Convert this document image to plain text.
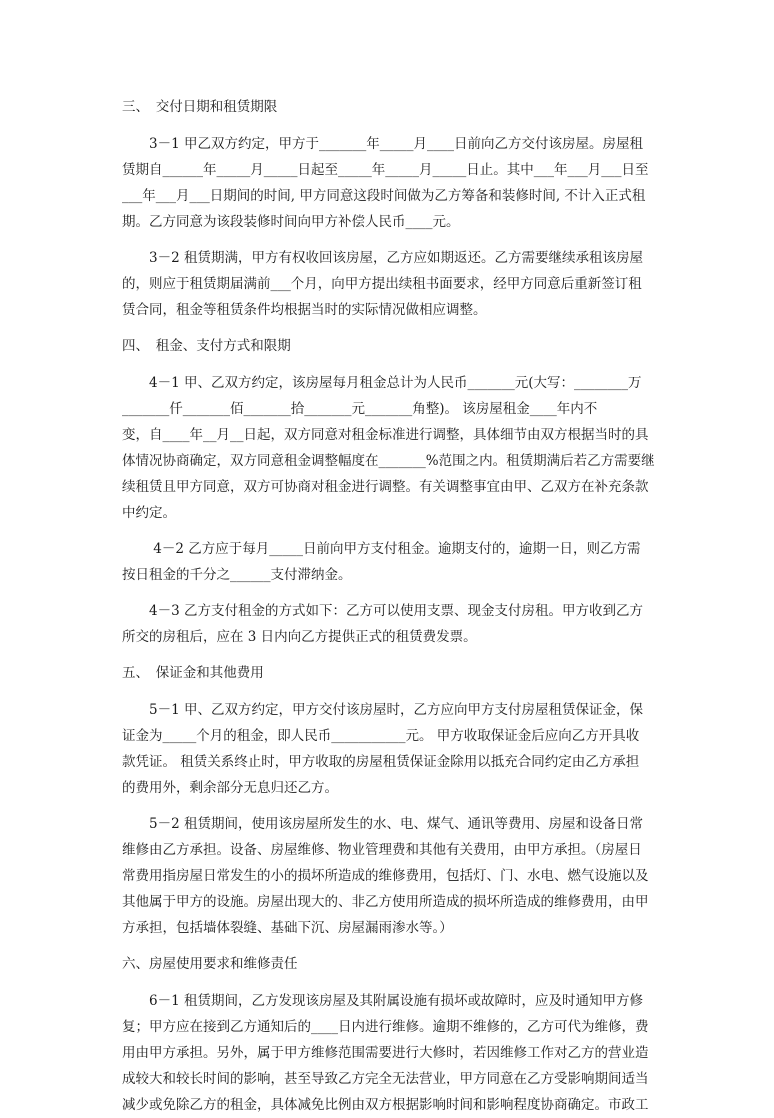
三、　交付日期和租赁期限
　　3－1 甲乙双方约定，甲方于_______年_____月____日前向乙方交付该房屋。房屋租
赁期自______年_____月_____日起至_____年_____月_____日止。其中___年___月___日至
___年___月___日期间的时间, 甲方同意这段时间做为乙方筹备和装修时间, 不计入正式租
期。乙方同意为该段装修时间向甲方补偿人民币____元。
　　3－2 租赁期满，甲方有权收回该房屋，乙方应如期返还。乙方需要继续承租该房屋
的，则应于租赁期届满前___个月，向甲方提出续租书面要求，经甲方同意后重新签订租
赁合同，租金等租赁条件均根据当时的实际情况做相应调整。
四、　租金、支付方式和限期
　　4－1 甲、乙双方约定，该房屋每月租金总计为人民币_______元(大写：________万
_______仟_______佰_______拾_______元_______角整)。 该房屋租金____年内不
变，自____年__月__日起，双方同意对租金标准进行调整，具体细节由双方根据当时的具
体情况协商确定，双方同意租金调整幅度在_______%范围之内。租赁期满后若乙方需要继
续租赁且甲方同意，双方可协商对租金进行调整。有关调整事宜由甲、乙双方在补充条款
中约定。
　　 4－2 乙方应于每月_____日前向甲方支付租金。逾期支付的，逾期一日，则乙方需
按日租金的千分之______支付滞纳金。
　　4－3 乙方支付租金的方式如下：乙方可以使用支票、现金支付房租。甲方收到乙方
所交的房租后，应在 3 日内向乙方提供正式的租赁费发票。
五、　保证金和其他费用
　　5－1 甲、乙双方约定，甲方交付该房屋时，乙方应向甲方支付房屋租赁保证金，保
证金为_____个月的租金，即人民币___________元。 甲方收取保证金后应向乙方开具收
款凭证。 租赁关系终止时，甲方收取的房屋租赁保证金除用以抵充合同约定由乙方承担
的费用外，剩余部分无息归还乙方。
　　5－2 租赁期间，使用该房屋所发生的水、电、煤气、通讯等费用、房屋和设备日常
维修由乙方承担。设备、房屋维修、物业管理费和其他有关费用，由甲方承担。（房屋日
常费用指房屋日常发生的小的损坏所造成的维修费用，包括灯、门、水电、燃气设施以及
其他属于甲方的设施。房屋出现大的、非乙方使用所造成的损坏所造成的维修费用，由甲
方承担，包括墙体裂缝、基础下沉、房屋漏雨渗水等。）
六、房屋使用要求和维修责任
　　6－1 租赁期间，乙方发现该房屋及其附属设施有损坏或故障时，应及时通知甲方修
复；甲方应在接到乙方通知后的____日内进行维修。逾期不维修的，乙方可代为维修，费
用由甲方承担。另外，属于甲方维修范围需要进行大修时，若因维修工作对乙方的营业造
成较大和较长时间的影响，甚至导致乙方完全无法营业，甲方同意在乙方受影响期间适当
减少或免除乙方的租金，具体减免比例由双方根据影响时间和影响程度协商确定。市政工
